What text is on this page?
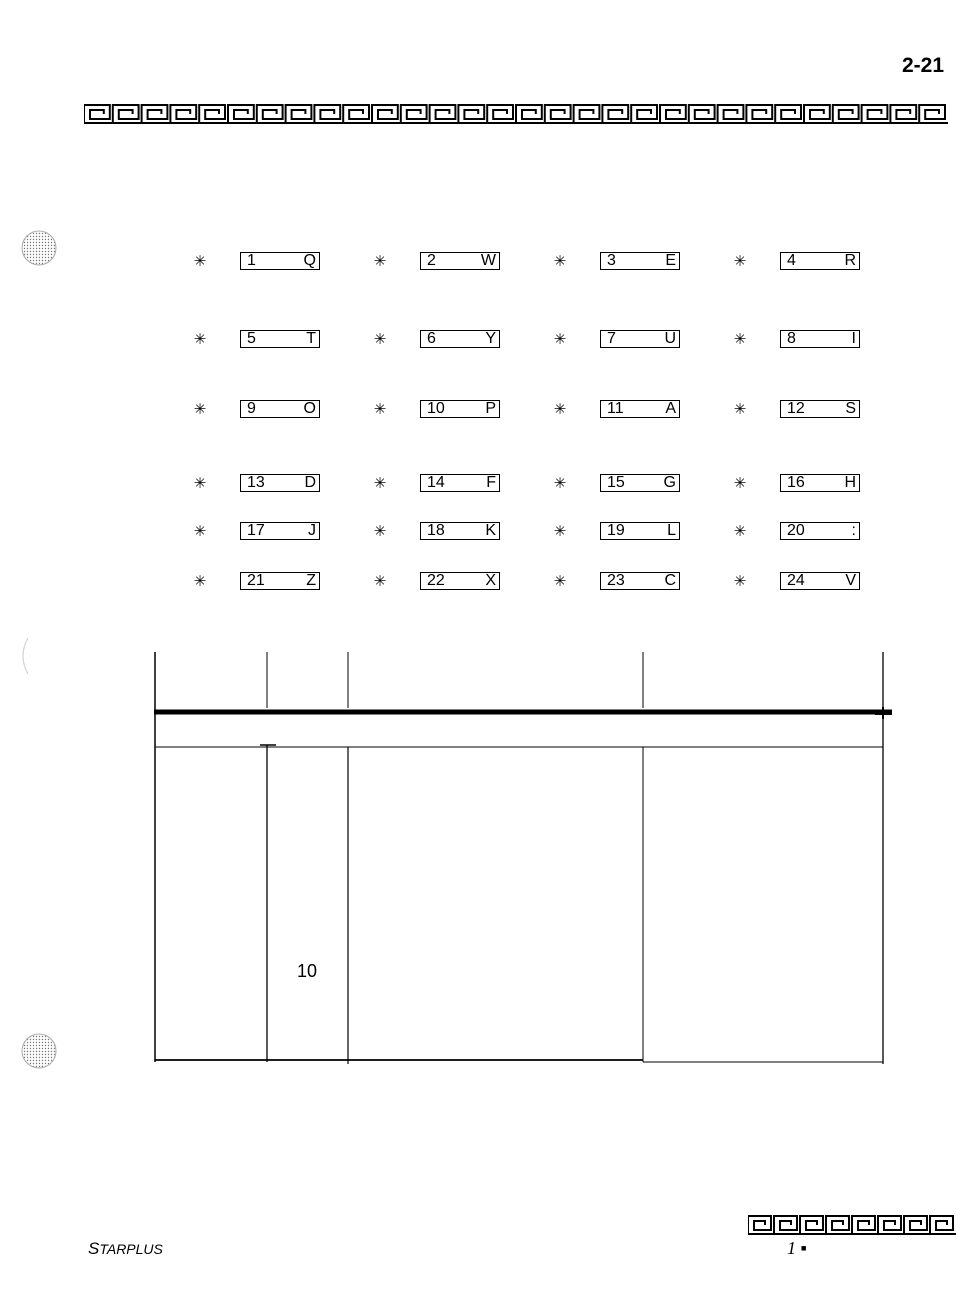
2-21
✳	1	Q	✳	2	W	✳	3	E	✳	4	R
✳	5	T	✳	6	Y	✳	7	U	✳	8	I
✳	9	O	✳	10	P	✳	11	A	✳	12	S
✳	13 D	✳	14	F	✳	15 G	✳	16 H
✳	17	J	✳	18	K	✳	19	L	✳	20	:
✳	21	Z	✳	22	X	✳	23 C	✳	24	V
10
STARPLUS	1 ▪
